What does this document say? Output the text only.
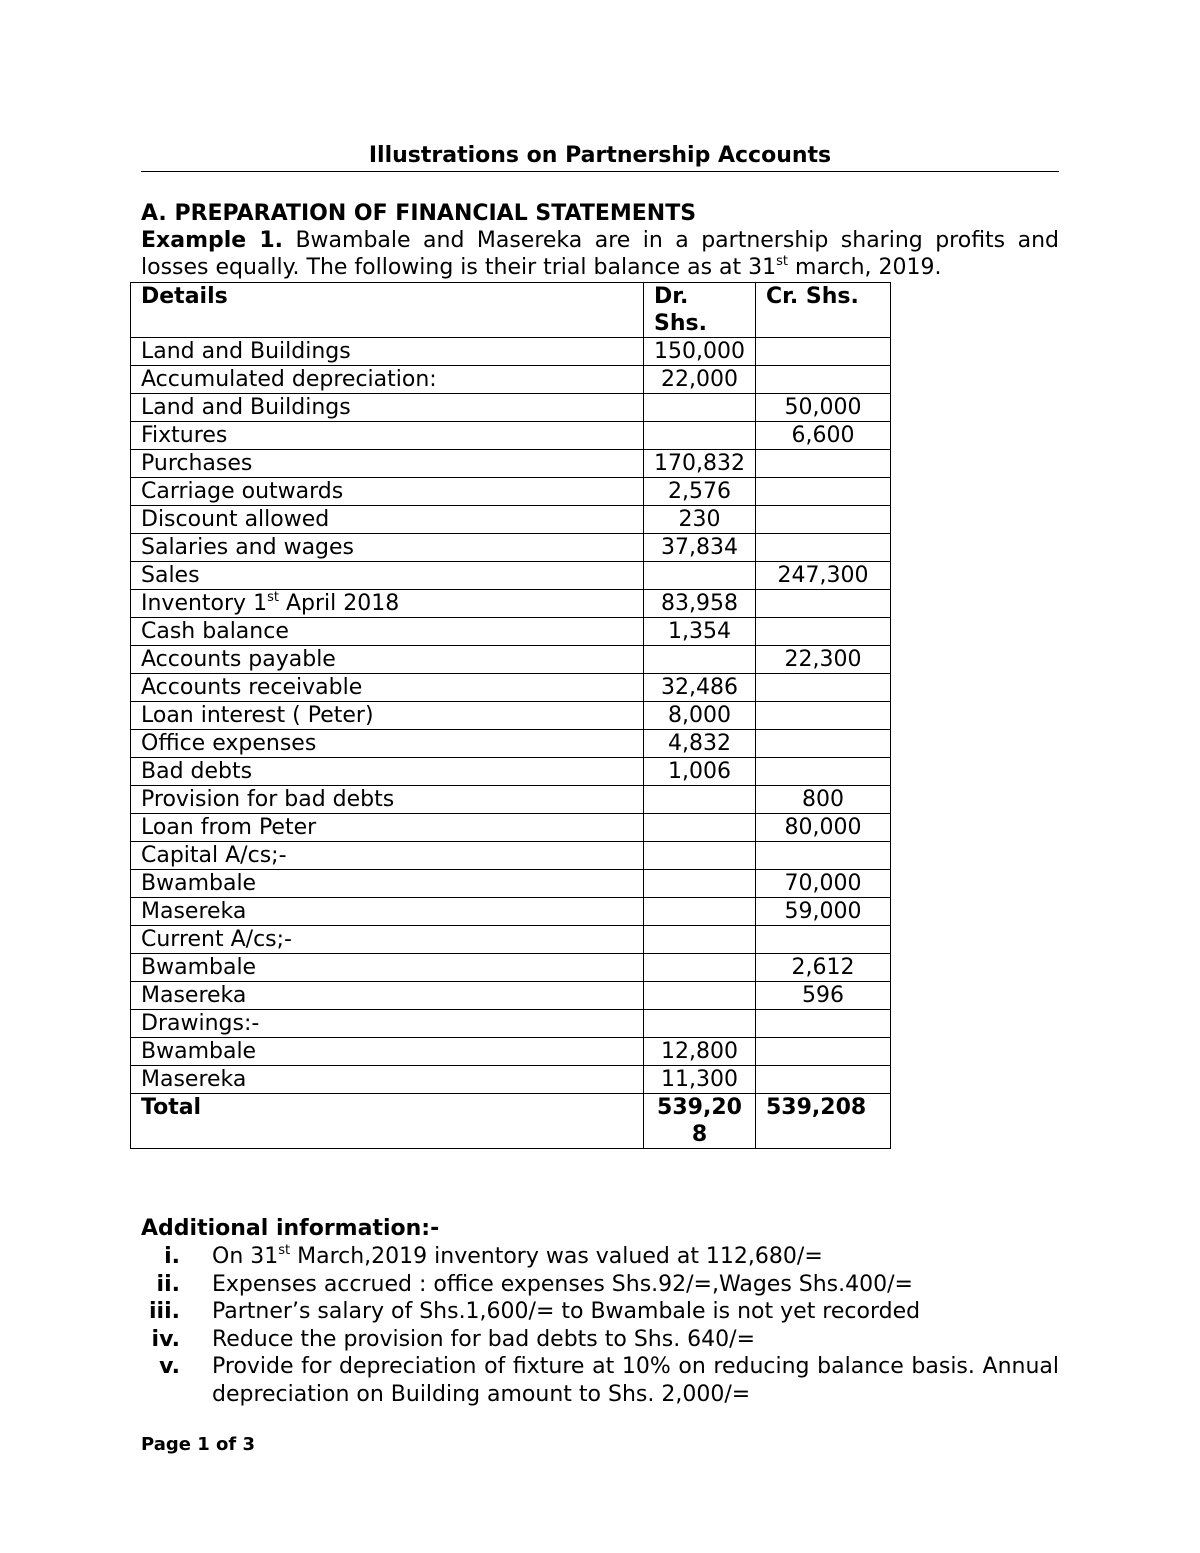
Illustrations on Partnership Accounts
A. PREPARATION OF FINANCIAL STATEMENTS

Example 1. Bwambale and Masereka are in a partnership sharing profits and losses equally. The following is their trial balance as at 31st march, 2019.

Details	Dr. Shs.	Cr. Shs.
Land and Buildings	150,000	
Accumulated depreciation:	22,000	
Land and Buildings		50,000
Fixtures		6,600
Purchases	170,832	
Carriage outwards	2,576	
Discount allowed	230	
Salaries and wages	37,834	
Sales		247,300
Inventory 1st April 2018	83,958	
Cash balance	1,354	
Accounts payable		22,300
Accounts receivable	32,486	
Loan interest ( Peter)	8,000	
Office expenses	4,832	
Bad debts	1,006	
Provision for bad debts		800
Loan from Peter		80,000
Capital A/cs;-		
Bwambale		70,000
Masereka		59,000
Current A/cs;-		
Bwambale		2,612
Masereka		596
Drawings:-		
Bwambale	12,800	
Masereka	11,300	
Total	539,208	539,208
Additional information:-
i. On 31st March,2019 inventory was valued at 112,680/=
ii. Expenses accrued : office expenses Shs.92/=,Wages Shs.400/=
iii. Partner’s salary of Shs.1,600/= to Bwambale is not yet recorded
iv. Reduce the provision for bad debts to Shs. 640/=
v. Provide for depreciation of fixture at 10% on reducing balance basis. Annual depreciation on Building amount to Shs. 2,000/=
Page 1 of 3
